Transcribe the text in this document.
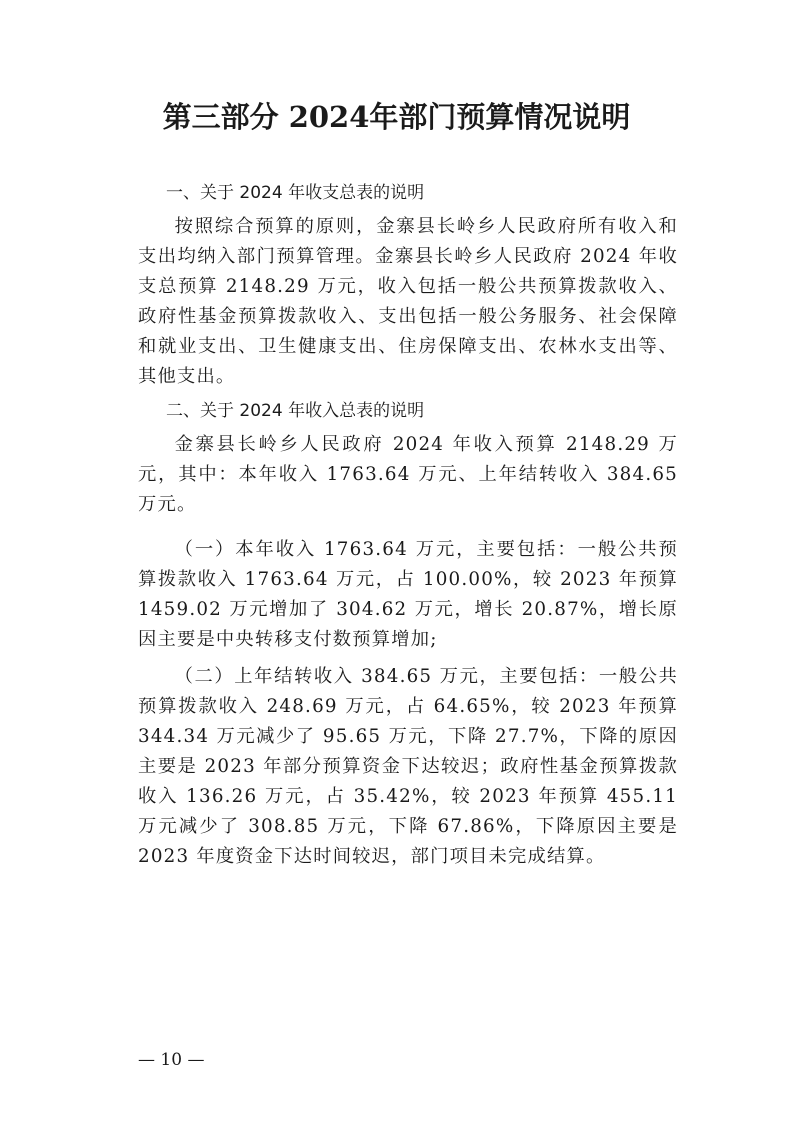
第三部分 2024年部门预算情况说明
一、关于 2024 年收支总表的说明

按照综合预算的原则，金寨县长岭乡人民政府所有收入和支出均纳入部门预算管理。金寨县长岭乡人民政府 2024 年收支总预算 2148.29 万元，收入包括一般公共预算拨款收入、政府性基金预算拨款收入、支出包括一般公务服务、社会保障和就业支出、卫生健康支出、住房保障支出、农林水支出等、其他支出。

二、关于 2024 年收入总表的说明

金寨县长岭乡人民政府 2024 年收入预算 2148.29 万元，其中：本年收入 1763.64 万元、上年结转收入 384.65 万元。

（一）本年收入 1763.64 万元，主要包括：一般公共预算拨款收入 1763.64 万元，占 100.00%，较 2023 年预算 1459.02 万元增加了 304.62 万元，增长 20.87%，增长原因主要是中央转移支付数预算增加;

（二）上年结转收入 384.65 万元，主要包括：一般公共预算拨款收入 248.69 万元，占 64.65%，较 2023 年预算 344.34 万元减少了 95.65 万元，下降 27.7%，下降的原因主要是 2023 年部分预算资金下达较迟；政府性基金预算拨款收入 136.26 万元，占 35.42%，较 2023 年预算 455.11 万元减少了 308.85 万元，下降 67.86%，下降原因主要是 2023 年度资金下达时间较迟，部门项目未完成结算。

— 10 —
